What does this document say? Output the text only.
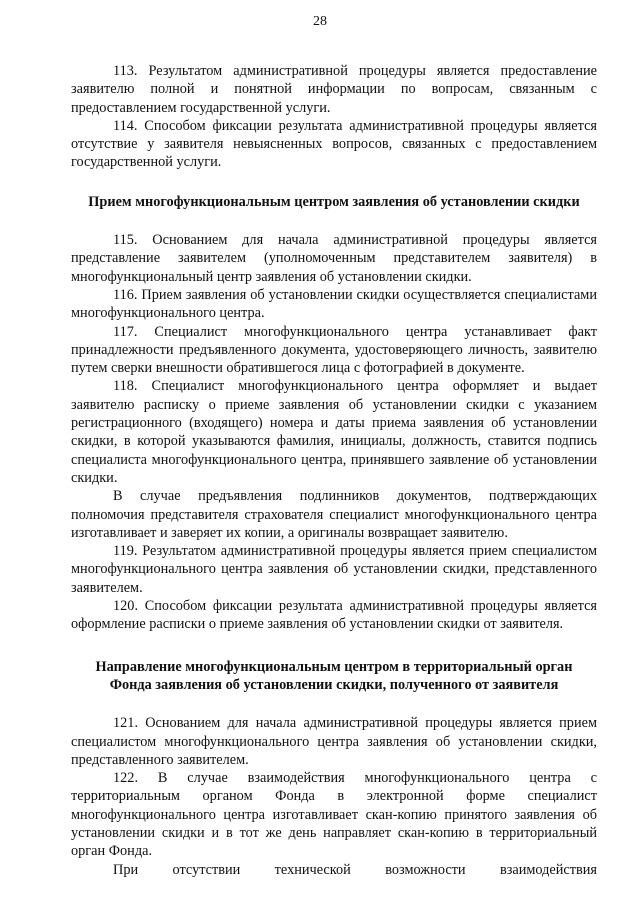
28

113. Результатом административной процедуры является предоставление заявителю полной и понятной информации по вопросам, связанным с предоставлением государственной услуги.

114. Способом фиксации результата административной процедуры является отсутствие у заявителя невыясненных вопросов, связанных с предоставлением государственной услуги.

Прием многофункциональным центром заявления об установлении скидки

115. Основанием для начала административной процедуры является представление заявителем (уполномоченным представителем заявителя) в многофункциональный центр заявления об установлении скидки.

116. Прием заявления об установлении скидки осуществляется специалистами многофункционального центра.

117. Специалист многофункционального центра устанавливает факт принадлежности предъявленного документа, удостоверяющего личность, заявителю путем сверки внешности обратившегося лица с фотографией в документе.

118. Специалист многофункционального центра оформляет и выдает заявителю расписку о приеме заявления об установлении скидки с указанием регистрационного (входящего) номера и даты приема заявления об установлении скидки, в которой указываются фамилия, инициалы, должность, ставится подпись специалиста многофункционального центра, принявшего заявление об установлении скидки.

В случае предъявления подлинников документов, подтверждающих полномочия представителя страхователя специалист многофункционального центра изготавливает и заверяет их копии, а оригиналы возвращает заявителю.

119. Результатом административной процедуры является прием специалистом многофункционального центра заявления об установлении скидки, представленного заявителем.

120. Способом фиксации результата административной процедуры является оформление расписки о приеме заявления об установлении скидки от заявителя.

Направление многофункциональным центром в территориальный орган

Фонда заявления об установлении скидки, полученного от заявителя

121. Основанием для начала административной процедуры является прием специалистом многофункционального центра заявления об установлении скидки, представленного заявителем.

122. В случае взаимодействия многофункционального центра с территориальным органом Фонда в электронной форме специалист многофункционального центра изготавливает скан-копию принятого заявления об установлении скидки и в тот же день направляет скан-копию в территориальный орган Фонда.

При отсутствии технической возможности взаимодействия
